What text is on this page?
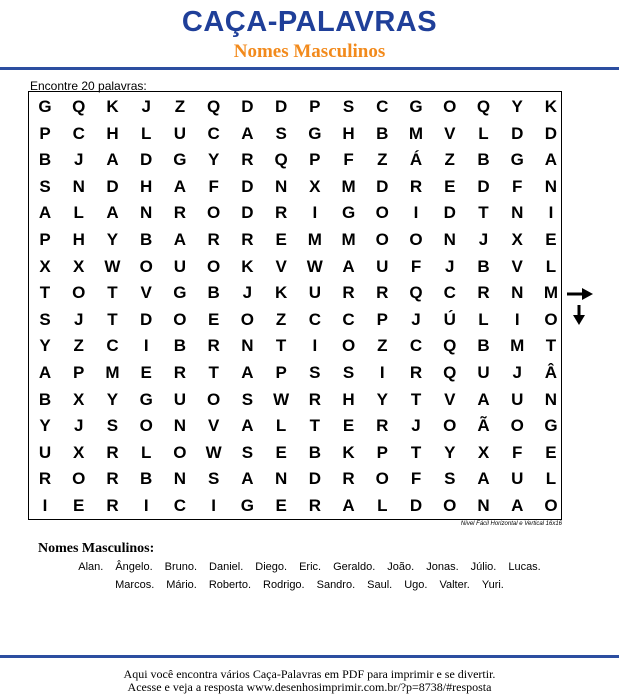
CAÇA-PALAVRAS
Nomes Masculinos
Encontre 20 palavras:
G	Q	K	J	Z	Q	D	D	P	S	C	G	O	Q	Y	K
P	C	H	L	U	C	A	S	G	H	B	M	V	L	D	D
B	J	A	D	G	Y	R	Q	P	F	Z	Á	Z	B	G	A
S	N	D	H	A	F	D	N	X	M	D	R	E	D	F	N
A	L	A	N	R	O	D	R	I	G	O	I	D	T	N	I
P	H	Y	B	A	R	R	E	M	M	O	O	N	J	X	E
X	X	W	O	U	O	K	V	W	A	U	F	J	B	V	L
T	O	T	V	G	B	J	K	U	R	R	Q	C	R	N	M
S	J	T	D	O	E	O	Z	C	C	P	J	Ú	L	I	O
Y	Z	C	I	B	R	N	T	I	O	Z	C	Q	B	M	T
A	P	M	E	R	T	A	P	S	S	I	R	Q	U	J	Â
B	X	Y	G	U	O	S	W	R	H	Y	T	V	A	U	N
Y	J	S	O	N	V	A	L	T	E	R	J	O	Ã	O	G
U	X	R	L	O	W	S	E	B	K	P	T	Y	X	F	E
R	O	R	B	N	S	A	N	D	R	O	F	S	A	U	L
I	E	R	I	C	I	G	E	R	A	L	D	O	N	A	O
Nível Fácil Horizontal e Vertical 16x16
Nomes Masculinos:
Alan. Ângelo. Bruno. Daniel. Diego. Eric. Geraldo. João. Jonas. Júlio. Lucas.
Marcos. Mário. Roberto. Rodrigo. Sandro. Saul. Ugo. Valter. Yuri.
Aqui você encontra vários Caça-Palavras em PDF para imprimir e se divertir.
Acesse e veja a resposta www.desenhosimprimir.com.br/?p=8738/#resposta
